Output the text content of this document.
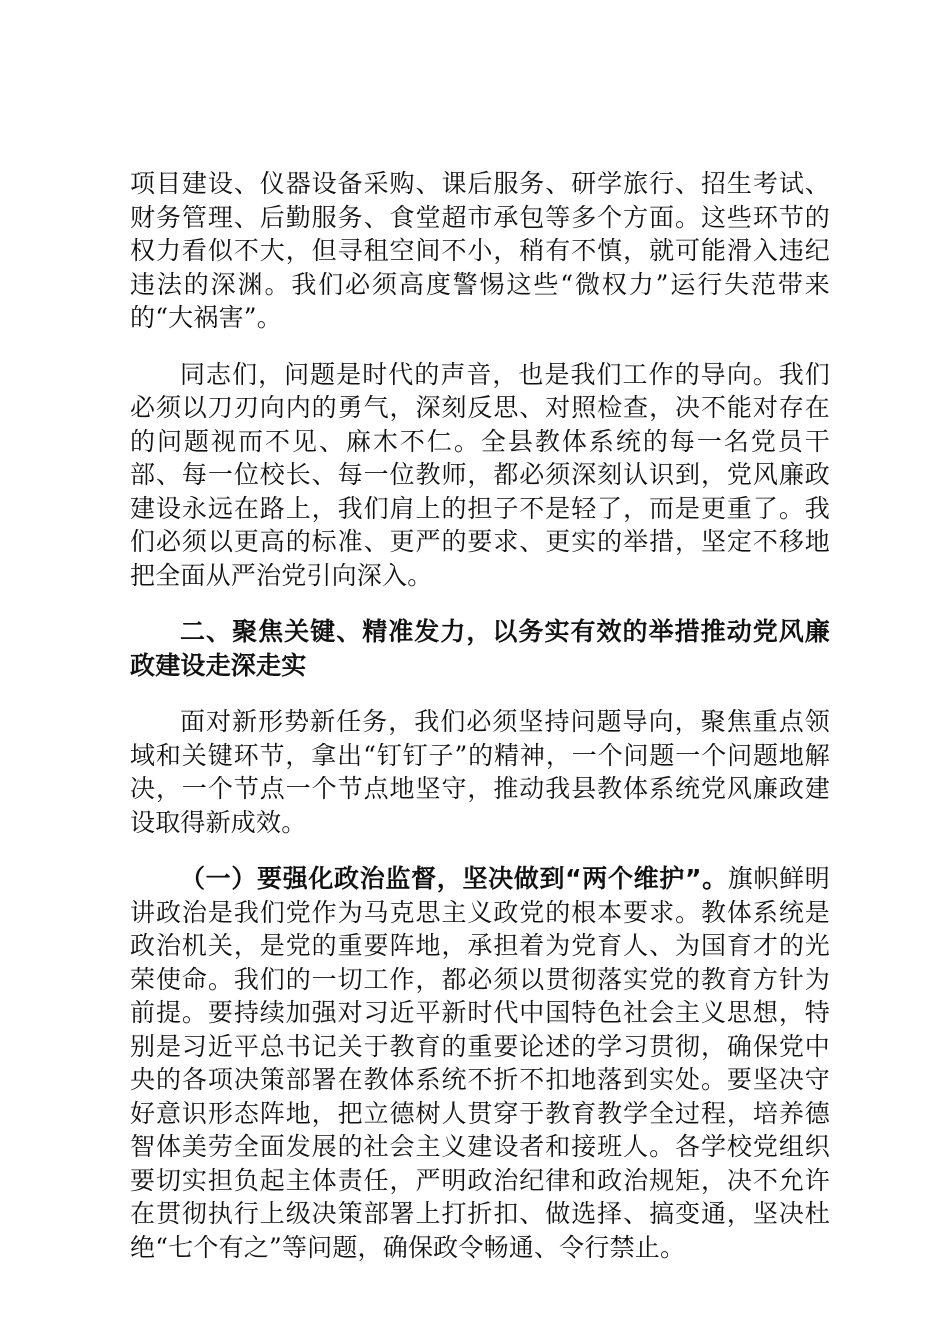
项目建设、仪器设备采购、课后服务、研学旅行、招生考试、财务管理、后勤服务、食堂超市承包等多个方面。这些环节的权力看似不大，但寻租空间不小，稍有不慎，就可能滑入违纪违法的深渊。我们必须高度警惕这些“微权力”运行失范带来的“大祸害”。

同志们，问题是时代的声音，也是我们工作的导向。我们必须以刀刃向内的勇气，深刻反思、对照检查，决不能对存在的问题视而不见、麻木不仁。全县教体系统的每一名党员干部、每一位校长、每一位教师，都必须深刻认识到，党风廉政建设永远在路上，我们肩上的担子不是轻了，而是更重了。我们必须以更高的标准、更严的要求、更实的举措，坚定不移地把全面从严治党引向深入。

二、聚焦关键、精准发力，以务实有效的举措推动党风廉政建设走深走实

面对新形势新任务，我们必须坚持问题导向，聚焦重点领域和关键环节，拿出“钉钉子”的精神，一个问题一个问题地解决，一个节点一个节点地坚守，推动我县教体系统党风廉政建设取得新成效。

（一）要强化政治监督，坚决做到“两个维护”。旗帜鲜明讲政治是我们党作为马克思主义政党的根本要求。教体系统是政治机关，是党的重要阵地，承担着为党育人、为国育才的光荣使命。我们的一切工作，都必须以贯彻落实党的教育方针为前提。要持续加强对习近平新时代中国特色社会主义思想，特别是习近平总书记关于教育的重要论述的学习贯彻，确保党中央的各项决策部署在教体系统不折不扣地落到实处。要坚决守好意识形态阵地，把立德树人贯穿于教育教学全过程，培养德智体美劳全面发展的社会主义建设者和接班人。各学校党组织要切实担负起主体责任，严明政治纪律和政治规矩，决不允许在贯彻执行上级决策部署上打折扣、做选择、搞变通，坚决杜绝“七个有之”等问题，确保政令畅通、令行禁止。
